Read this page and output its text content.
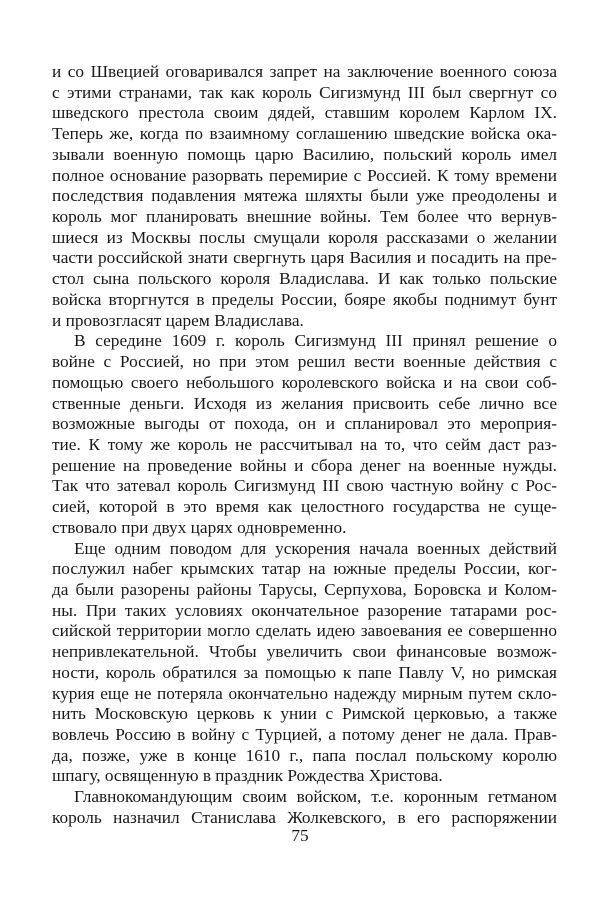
и со Швецией оговаривался запрет на заключение военного союза
с этими странами, так как король Сигизмунд III был свергнут со
шведского престола своим дядей, ставшим королем Карлом IX.
Теперь же, когда по взаимному соглашению шведские войска ока-
зывали военную помощь царю Василию, польский король имел
полное основание разорвать перемирие с Россией. К тому времени
последствия подавления мятежа шляхты были уже преодолены и
король мог планировать внешние войны. Тем более что вернув-
шиеся из Москвы послы смущали короля рассказами о желании
части российской знати свергнуть царя Василия и посадить на пре-
стол сына польского короля Владислава. И как только польские
войска вторгнутся в пределы России, бояре якобы поднимут бунт
и провозгласят царем Владислава.
В середине 1609 г. король Сигизмунд III принял решение о
войне с Россией, но при этом решил вести военные действия с
помощью своего небольшого королевского войска и на свои соб-
ственные деньги. Исходя из желания присвоить себе лично все
возможные выгоды от похода, он и спланировал это мероприя-
тие. К тому же король не рассчитывал на то, что сейм даст раз-
решение на проведение войны и сбора денег на военные нужды.
Так что затевал король Сигизмунд III свою частную войну с Рос-
сией, которой в это время как целостного государства не суще-
ствовало при двух царях одновременно.
Еще одним поводом для ускорения начала военных действий
послужил набег крымских татар на южные пределы России, ког-
да были разорены районы Тарусы, Серпухова, Боровска и Колом-
ны. При таких условиях окончательное разорение татарами рос-
сийской территории могло сделать идею завоевания ее совершенно
непривлекательной. Чтобы увеличить свои финансовые возмож-
ности, король обратился за помощью к папе Павлу V, но римская
курия еще не потеряла окончательно надежду мирным путем скло-
нить Московскую церковь к унии с Римской церковью, а также
вовлечь Россию в войну с Турцией, а потому денег не дала. Прав-
да, позже, уже в конце 1610 г., папа послал польскому королю
шпагу, освященную в праздник Рождества Христова.
Главнокомандующим своим войском, т.е. коронным гетманом
король назначил Станислава Жолкевского, в его распоряжении
75
